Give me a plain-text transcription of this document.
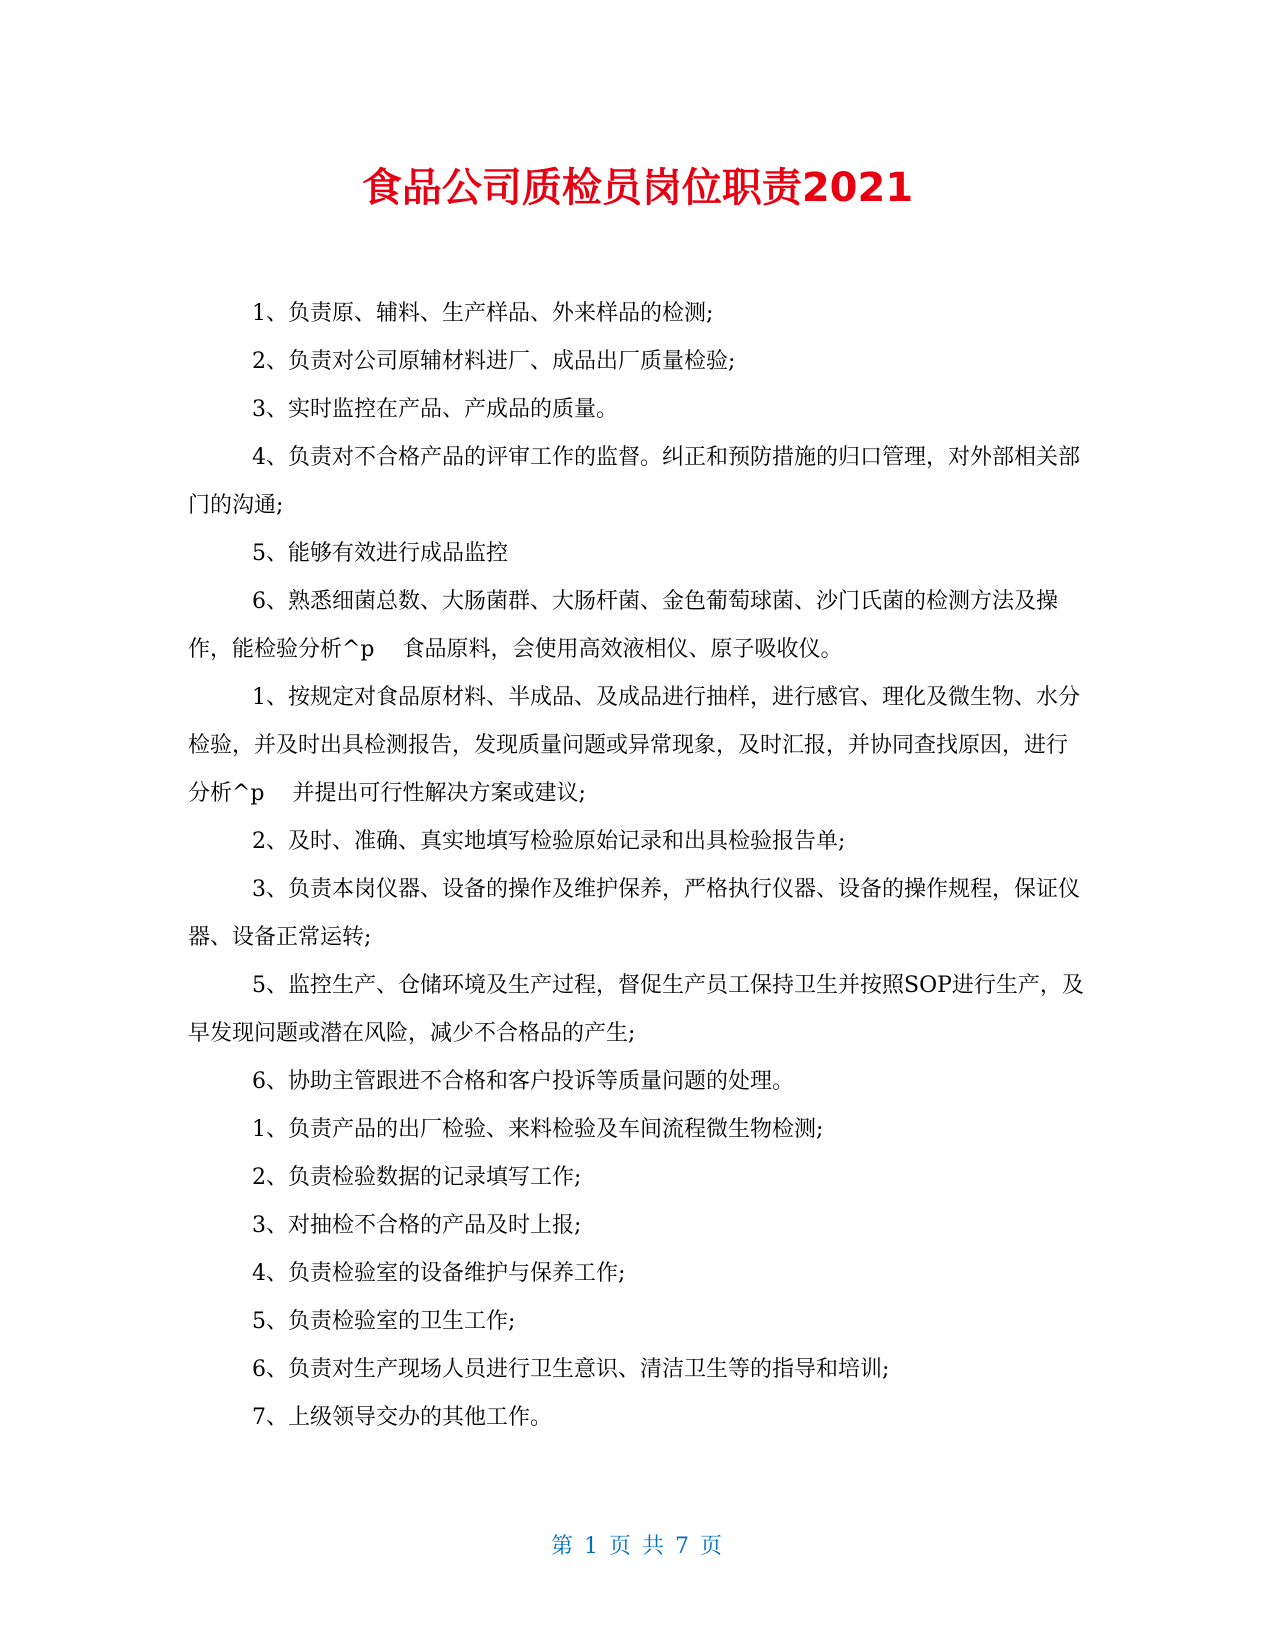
食品公司质检员岗位职责2021

1、负责原、辅料、生产样品、外来样品的检测;

2、负责对公司原辅材料进厂、成品出厂质量检验;

3、实时监控在产品、产成品的质量。

4、负责对不合格产品的评审工作的监督。纠正和预防措施的归口管理，对外部相关部门的沟通;

5、能够有效进行成品监控

6、熟悉细菌总数、大肠菌群、大肠杆菌、金色葡萄球菌、沙门氏菌的检测方法及操作，能检验分析^p    食品原料，会使用高效液相仪、原子吸收仪。

1、按规定对食品原材料、半成品、及成品进行抽样，进行感官、理化及微生物、水分检验，并及时出具检测报告，发现质量问题或异常现象，及时汇报，并协同查找原因，进行分析^p    并提出可行性解决方案或建议;

2、及时、准确、真实地填写检验原始记录和出具检验报告单;

3、负责本岗仪器、设备的操作及维护保养，严格执行仪器、设备的操作规程，保证仪器、设备正常运转;

5、监控生产、仓储环境及生产过程，督促生产员工保持卫生并按照SOP进行生产，及早发现问题或潜在风险，减少不合格品的产生;

6、协助主管跟进不合格和客户投诉等质量问题的处理。

1、负责产品的出厂检验、来料检验及车间流程微生物检测;

2、负责检验数据的记录填写工作;

3、对抽检不合格的产品及时上报;

4、负责检验室的设备维护与保养工作;

5、负责检验室的卫生工作;

6、负责对生产现场人员进行卫生意识、清洁卫生等的指导和培训;

7、上级领导交办的其他工作。

第 1 页 共 7 页
